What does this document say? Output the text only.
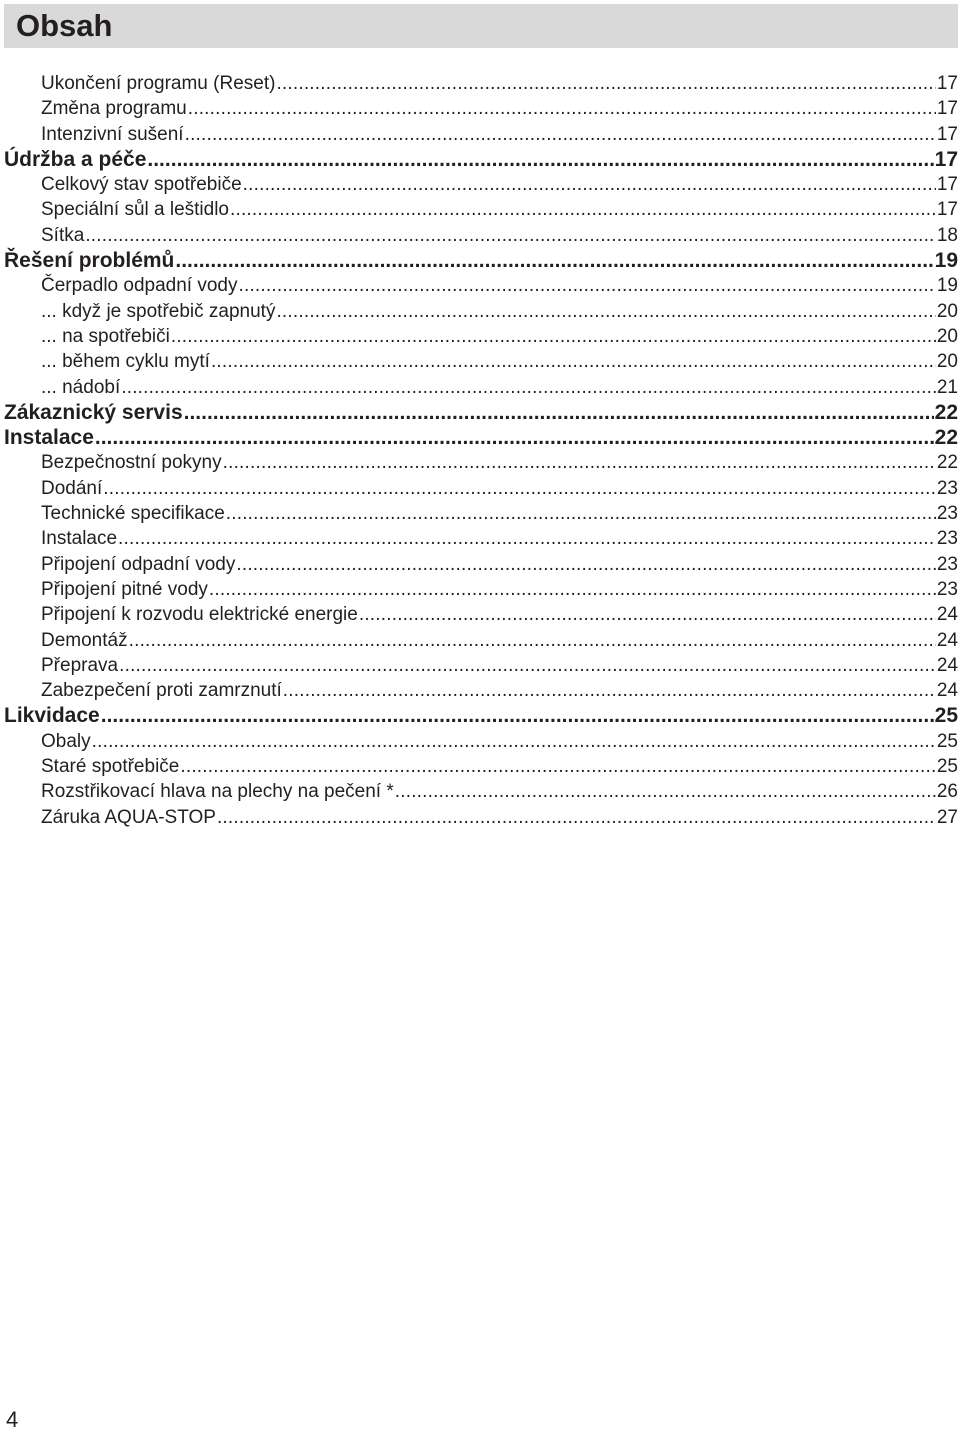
Obsah
Ukončení programu (Reset) .....	17
Změna programu .....	17
Intenzivní sušení .....	17
Údržba a péče .....	17
Celkový stav spotřebiče .....	17
Speciální sůl a leštidlo .....	17
Sítka .....	18
Řešení problémů .....	19
Čerpadlo odpadní vody .....	19
... když je spotřebič zapnutý .....	20
... na spotřebiči .....	20
... během cyklu mytí .....	20
... nádobí .....	21
Zákaznický servis .....	22
Instalace .....	22
Bezpečnostní pokyny .....	22
Dodání .....	23
Technické specifikace .....	23
Instalace .....	23
Připojení odpadní vody .....	23
Připojení pitné vody .....	23
Připojení k rozvodu elektrické energie .....	24
Demontáž .....	24
Přeprava .....	24
Zabezpečení proti zamrznutí .....	24
Likvidace .....	25
Obaly .....	25
Staré spotřebiče .....	25
Rozstřikovací hlava na plechy na pečení * .....	26
Záruka AQUA-STOP .....	27
4
